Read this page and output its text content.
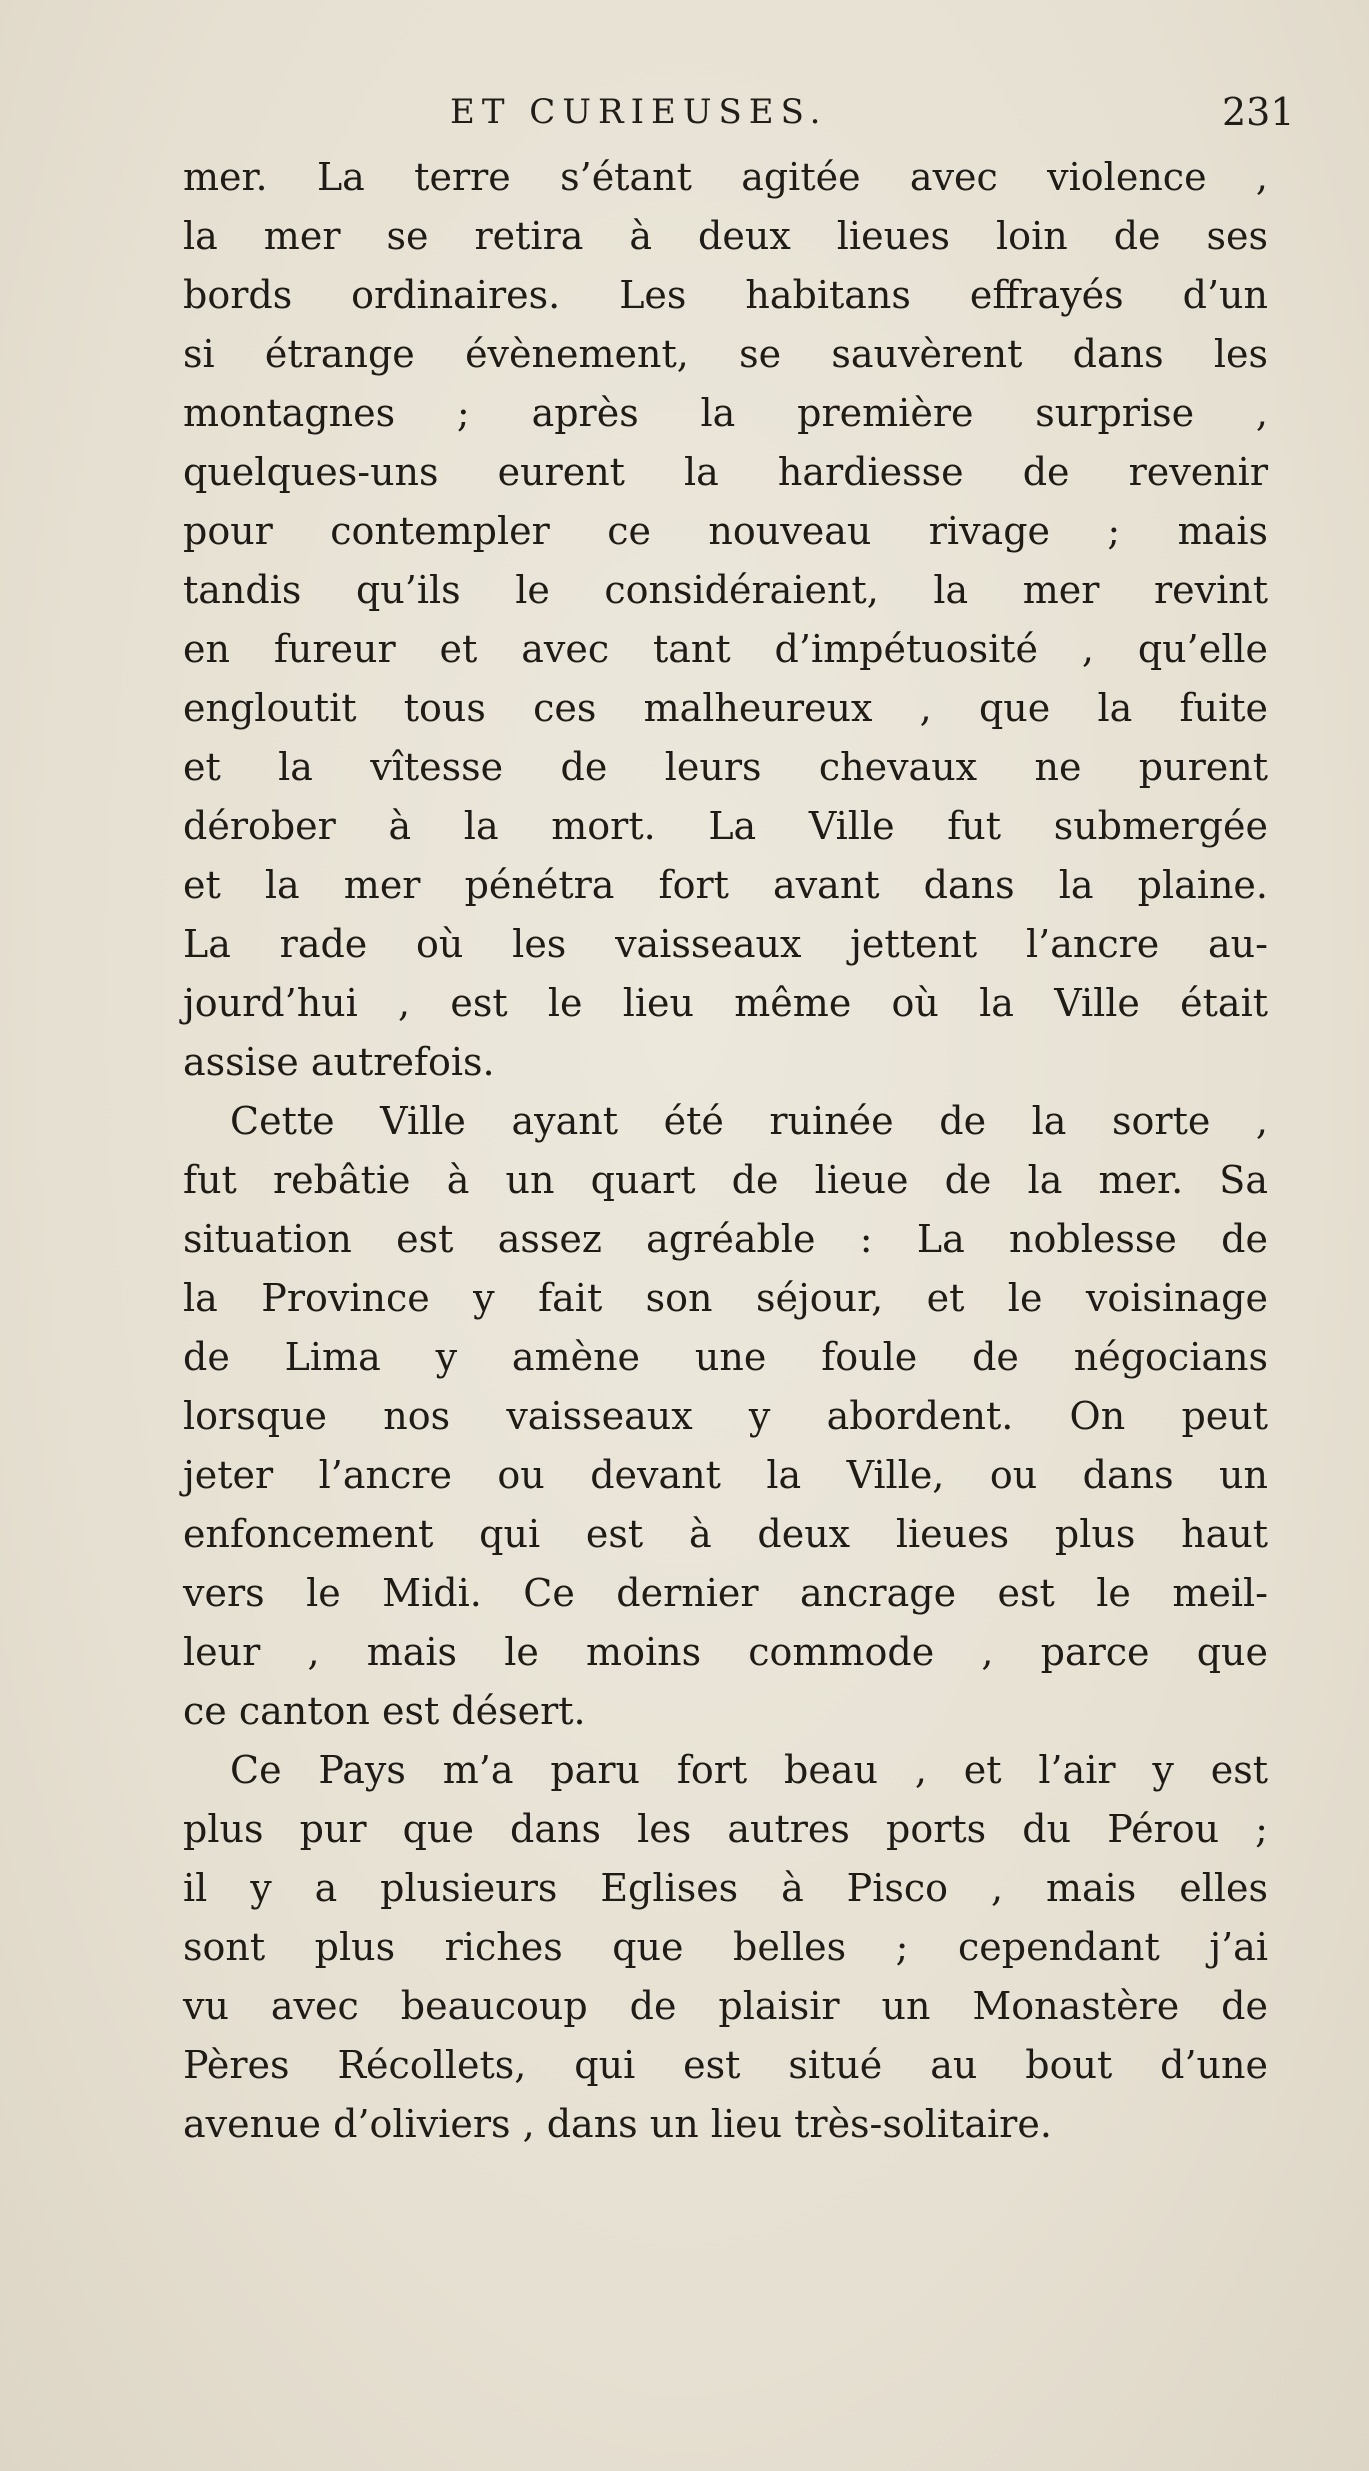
ET CURIEUSES.	231
mer. La terre s’étant agitée avec violence ,
la mer se retira à deux lieues loin de ses
bords ordinaires. Les habitans effrayés d’un
si étrange évènement, se sauvèrent dans les
montagnes ; après la première surprise ,
quelques-uns eurent la hardiesse de revenir
pour contempler ce nouveau rivage ; mais
tandis qu’ils le considéraient, la mer revint
en fureur et avec tant d’impétuosité , qu’elle
engloutit tous ces malheureux , que la fuite
et la vîtesse de leurs chevaux ne purent
dérober à la mort. La Ville fut submergée
et la mer pénétra fort avant dans la plaine.
La rade où les vaisseaux jettent l’ancre au-
jourd’hui , est le lieu même où la Ville était
assise autrefois.
Cette Ville ayant été ruinée de la sorte ,
fut rebâtie à un quart de lieue de la mer. Sa
situation est assez agréable : La noblesse de
la Province y fait son séjour, et le voisinage
de Lima y amène une foule de négocians
lorsque nos vaisseaux y abordent. On peut
jeter l’ancre ou devant la Ville, ou dans un
enfoncement qui est à deux lieues plus haut
vers le Midi. Ce dernier ancrage est le meil-
leur , mais le moins commode , parce que
ce canton est désert.
Ce Pays m’a paru fort beau , et l’air y est
plus pur que dans les autres ports du Pérou ;
il y a plusieurs Eglises à Pisco , mais elles
sont plus riches que belles ; cependant j’ai
vu avec beaucoup de plaisir un Monastère de
Pères Récollets, qui est situé au bout d’une
avenue d’oliviers , dans un lieu très-solitaire.
